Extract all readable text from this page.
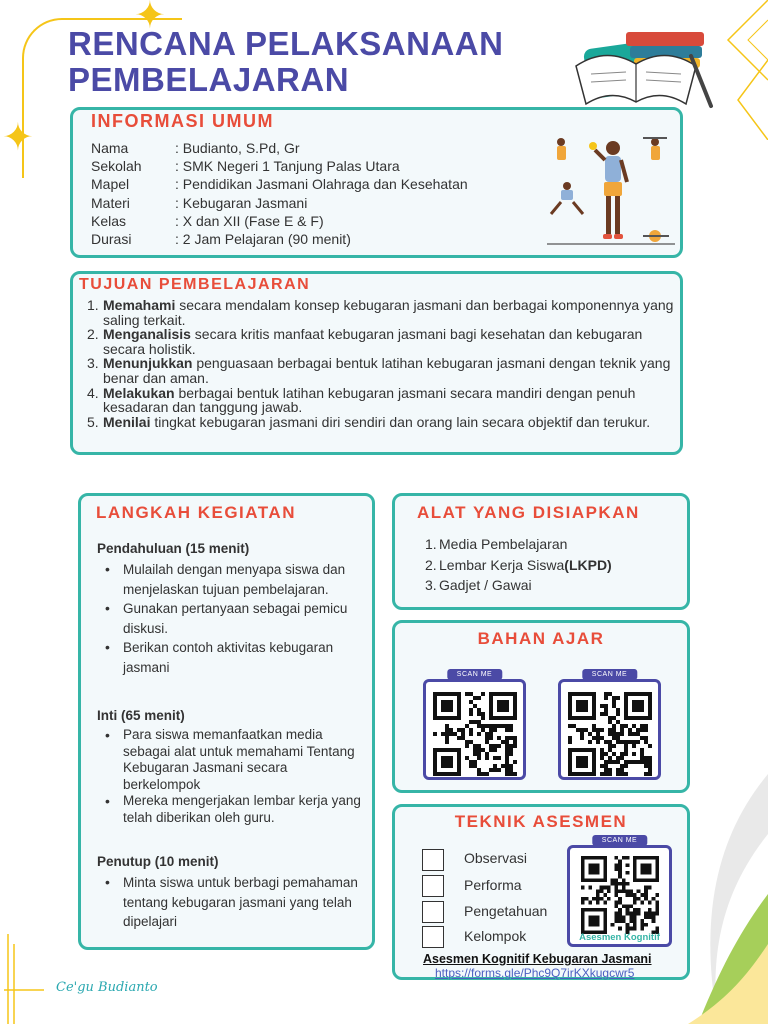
✦
✦
RENCANA PELAKSANAAN PEMBELAJARAN
INFORMASI UMUM
Nama	: Budianto, S.Pd, Gr
Sekolah	: SMK Negeri 1 Tanjung Palas Utara
Mapel	: Pendidikan Jasmani Olahraga dan Kesehatan
Materi	: Kebugaran Jasmani
Kelas	: X dan XII (Fase E & F)
Durasi	: 2 Jam Pelajaran (90 menit)
TUJUAN PEMBELAJARAN
1. Memahami secara mendalam konsep kebugaran jasmani dan berbagai komponennya yang saling terkait.
2. Menganalisis secara kritis manfaat kebugaran jasmani bagi kesehatan dan kebugaran secara holistik.
3. Menunjukkan penguasaan berbagai bentuk latihan kebugaran jasmani dengan teknik yang benar dan aman.
4. Melakukan berbagai bentuk latihan kebugaran jasmani secara mandiri dengan penuh kesadaran dan tanggung jawab.
5. Menilai tingkat kebugaran jasmani diri sendiri dan orang lain secara objektif dan terukur.
LANGKAH KEGIATAN
Pendahuluan (15 menit)
• Mulailah dengan menyapa siswa dan menjelaskan tujuan pembelajaran.
• Gunakan pertanyaan sebagai pemicu diskusi.
• Berikan contoh aktivitas kebugaran jasmani
Inti (65 menit)
• Para siswa memanfaatkan media sebagai alat untuk memahami Tentang Kebugaran Jasmani secara berkelompok
• Mereka mengerjakan lembar kerja yang telah diberikan oleh guru.
Penutup (10 menit)
• Minta siswa untuk berbagi pemahaman tentang kebugaran jasmani yang telah dipelajari
ALAT YANG DISIAPKAN
1. Media Pembelajaran
2. Lembar Kerja Siswa (LKPD)
3. Gadjet / Gawai
BAHAN AJAR
SCAN ME	SCAN ME
TEKNIK ASESMEN
Observasi
Performa
Pengetahuan
Kelompok
SCAN ME
Asesmen Kognitif
Asesmen Kognitif Kebugaran Jasmani
https://forms.gle/Phc9Q7irKXkugcwr5
Ce'gu Budianto
